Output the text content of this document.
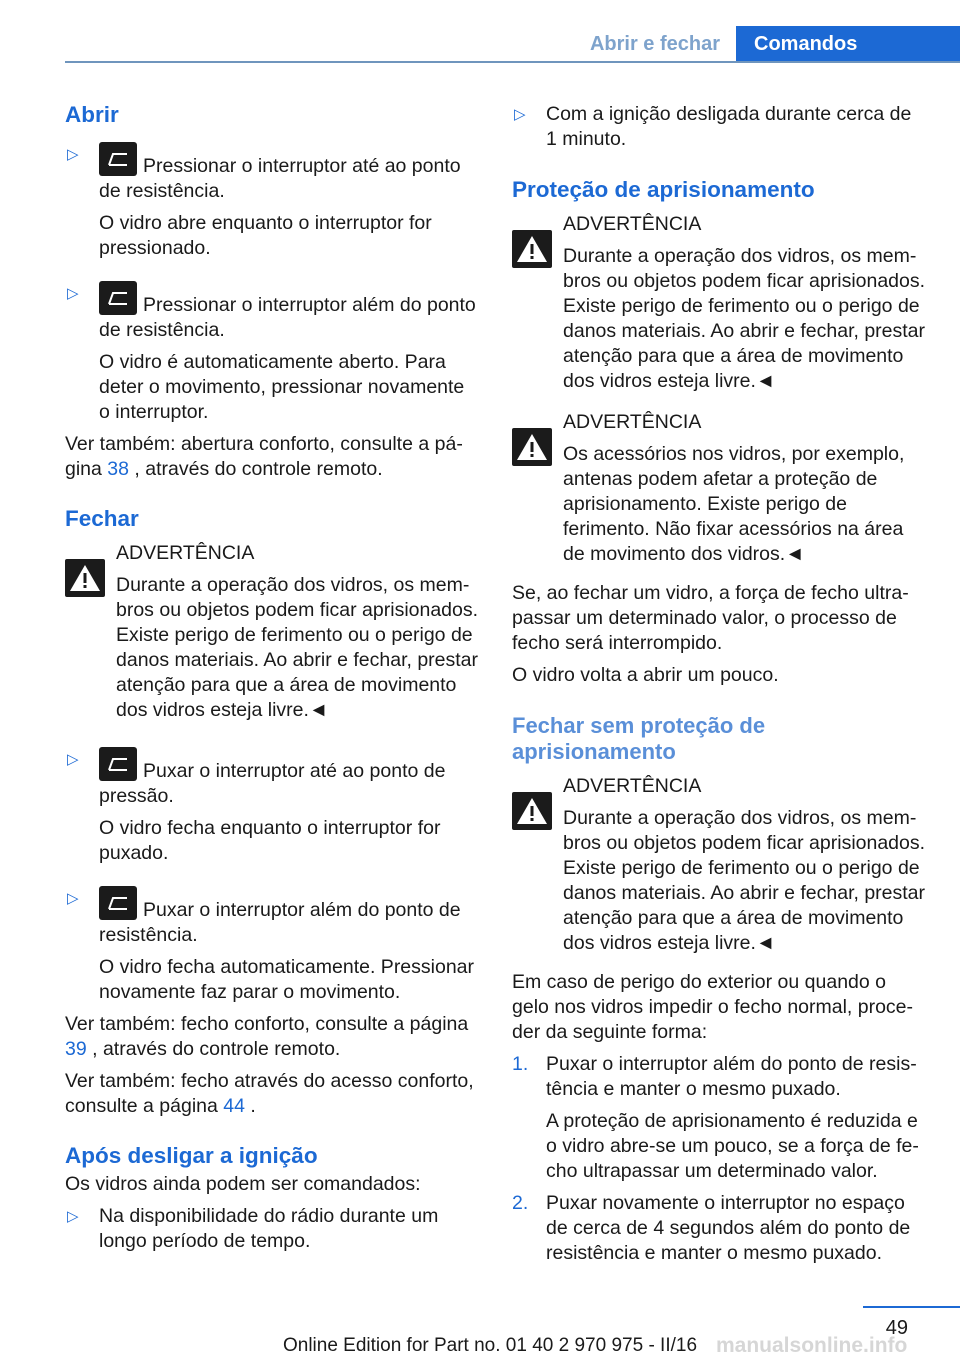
Abrir e fechar	Comandos
Abrir
▷

Pressionar o interruptor até ao ponto de resistência.

O vidro abre enquanto o interruptor for pressionado.

▷

Pressionar o interruptor além do ponto de resistência.

O vidro é automaticamente aberto. Para deter o movimento, pressionar novamente o interruptor.

Ver também: abertura conforto, consulte a página 38 , através do controle remoto.

Fechar

ADVERTÊNCIA

Durante a operação dos vidros, os membros ou objetos podem ficar aprisionados. Existe perigo de ferimento ou o perigo de danos materiais. Ao abrir e fechar, prestar atenção para que a área de movimento dos vidros esteja livre.◄

▷

Puxar o interruptor até ao ponto de pressão.

O vidro fecha enquanto o interruptor for puxado.

▷

Puxar o interruptor além do ponto de resistência.

O vidro fecha automaticamente. Pressionar novamente faz parar o movimento.

Ver também: fecho conforto, consulte a página 39 , através do controle remoto.

Ver também: fecho através do acesso conforto, consulte a página 44 .

Após desligar a ignição

Os vidros ainda podem ser comandados:

▷ Na disponibilidade do rádio durante um longo período de tempo.

▷ Com a ignição desligada durante cerca de 1 minuto.

Proteção de aprisionamento

ADVERTÊNCIA

Durante a operação dos vidros, os membros ou objetos podem ficar aprisionados. Existe perigo de ferimento ou o perigo de danos materiais. Ao abrir e fechar, prestar atenção para que a área de movimento dos vidros esteja livre.◄

ADVERTÊNCIA

Os acessórios nos vidros, por exemplo, antenas podem afetar a proteção de aprisionamento. Existe perigo de ferimento. Não fixar acessórios na área de movimento dos vidros.◄

Se, ao fechar um vidro, a força de fecho ultrapassar um determinado valor, o processo de fecho será interrompido.

O vidro volta a abrir um pouco.

Fechar sem proteção de aprisionamento

ADVERTÊNCIA

Durante a operação dos vidros, os membros ou objetos podem ficar aprisionados. Existe perigo de ferimento ou o perigo de danos materiais. Ao abrir e fechar, prestar atenção para que a área de movimento dos vidros esteja livre.◄

Em caso de perigo do exterior ou quando o gelo nos vidros impedir o fecho normal, proceder da seguinte forma:

1. Puxar o interruptor além do ponto de resistência e manter o mesmo puxado.

A proteção de aprisionamento é reduzida e o vidro abre-se um pouco, se a força de fecho ultrapassar um determinado valor.

2. Puxar novamente o interruptor no espaço de cerca de 4 segundos além do ponto de resistência e manter o mesmo puxado.

49
Online Edition for Part no. 01 40 2 970 975 - II/16 manualsonline.info
